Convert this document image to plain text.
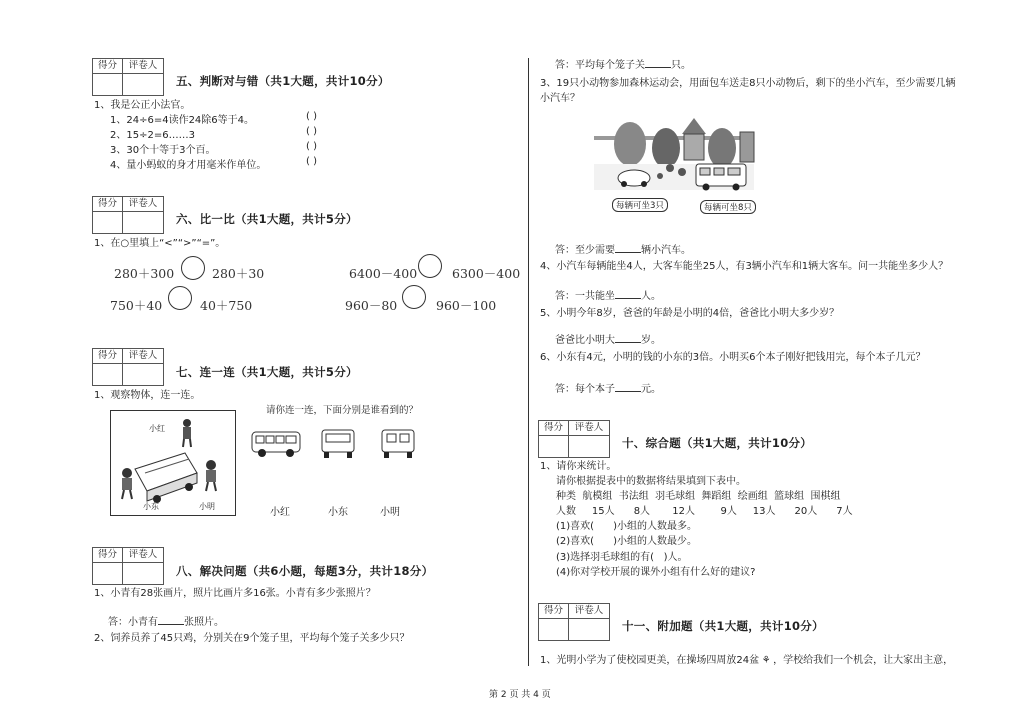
得分	评卷人
五、判断对与错（共1大题，共计10分）
1、我是公正小法官。
1、24÷6=4读作24除6等于4。	( )
2、15÷2=6……3	( )
3、30个十等于3个百。	( )
4、量小蚂蚁的身才用毫米作单位。	( )
得分	评卷人
六、比一比（共1大题，共计5分）
1、在○里填上“<”“>”“=”。
280＋300	280＋30	6400－400	6300－400
750＋40	40＋750	960－80	960－100
得分	评卷人
七、连一连（共1大题，共计5分）
1、观察物体，连一连。
小红
小东	小明
请你连一连，下面分别是谁看到的？
小红	小东	小明
得分	评卷人
八、解决问题（共6小题，每题3分，共计18分）
1、小青有28张画片，照片比画片多16张。小青有多少张照片？
答：小青有	张照片。
2、饲养员养了45只鸡，分别关在9个笼子里，平均每个笼子关多少只？
答：平均每个笼子关	只。
3、19只小动物参加森林运动会，用面包车送走8只小动物后，剩下的坐小汽车，至少需要几辆
小汽车？
每辆可坐3只	每辆可坐8只
答：至少需要	辆小汽车。
4、小汽车每辆能坐4人，大客车能坐25人，有3辆小汽车和1辆大客车。问一共能坐多少人？
答：一共能坐	人。
5、小明今年8岁，爸爸的年龄是小明的4倍，爸爸比小明大多少岁？
爸爸比小明大	岁。
6、小东有4元，小明的钱的小东的3倍。小明买6个本子刚好把钱用完，每个本子几元？
答：每个本子	元。
得分	评卷人
十、综合题（共1大题，共计10分）
1、请你来统计。
请你根据提表中的数据将结果填到下表中。
种类  航模组  书法组  羽毛球组  舞蹈组  绘画组  篮球组  围棋组
人数     15人      8人       12人        9人     13人      20人      7人
(1)喜欢(      )小组的人数最多。
(2)喜欢(      )小组的人数最少。
(3)选择羽毛球组的有(   )人。
(4)你对学校开展的课外小组有什么好的建议?
得分	评卷人
十一、附加题（共1大题，共计10分）
1、光明小学为了使校园更美，在操场四周放24盆 ⚘ ，学校给我们一个机会，让大家出主意，
第 2 页 共 4 页
